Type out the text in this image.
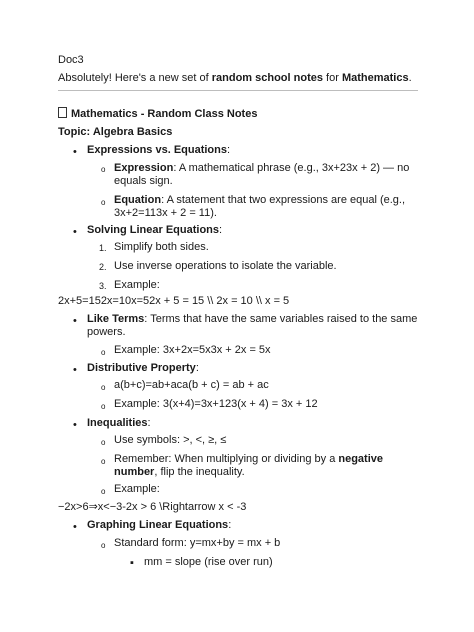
Doc3
Absolutely! Here's a new set of random school notes for Mathematics.
Mathematics - Random Class Notes
Topic: Algebra Basics
• Expressions vs. Equations:
o Expression: A mathematical phrase (e.g., 3x+23x + 2) — no
equals sign.
o Equation: A statement that two expressions are equal (e.g.,
3x+2=113x + 2 = 11).
• Solving Linear Equations:
1. Simplify both sides.
2. Use inverse operations to isolate the variable.
3. Example:
2x+5=152x=10x=52x + 5 = 15 \\ 2x = 10 \\ x = 5
• Like Terms: Terms that have the same variables raised to the same
powers.
o Example: 3x+2x=5x3x + 2x = 5x
• Distributive Property:
o a(b+c)=ab+aca(b + c) = ab + ac
o Example: 3(x+4)=3x+123(x + 4) = 3x + 12
• Inequalities:
o Use symbols: >, <, ≥, ≤
o Remember: When multiplying or dividing by a negative
number, flip the inequality.
o Example:
−2x>6⇒x<−3-2x > 6 \Rightarrow x < -3
• Graphing Linear Equations:
o Standard form: y=mx+by = mx + b
▪ mm = slope (rise over run)
